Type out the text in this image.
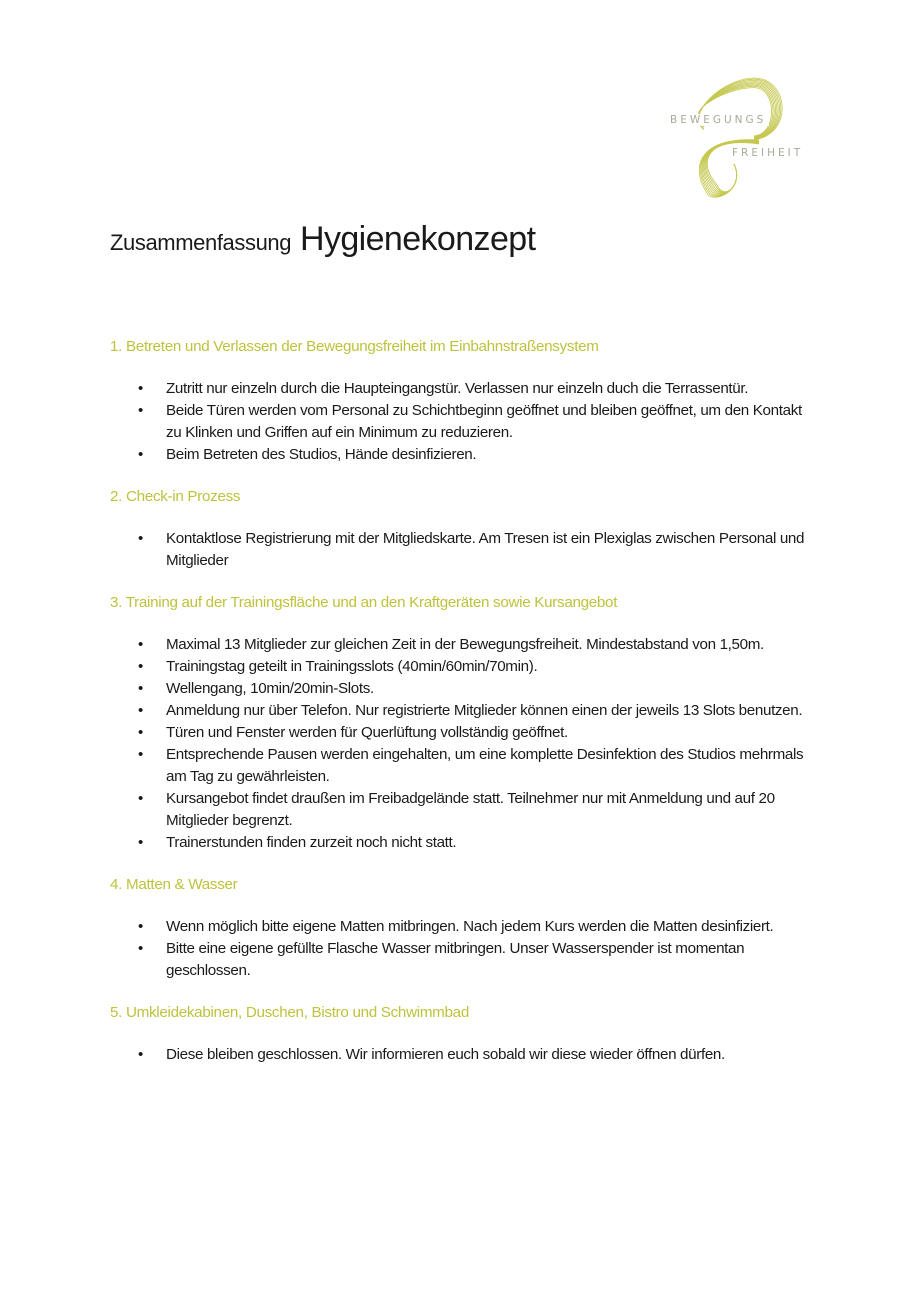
BEWEGUNGS
FREIHEIT
Zusammenfassung Hygienekonzept
1. Betreten und Verlassen der Bewegungsfreiheit im Einbahnstraßensystem
• Zutritt nur einzeln durch die Haupteingangstür. Verlassen nur einzeln duch die Terrassentür.
• Beide Türen werden vom Personal zu Schichtbeginn geöffnet und bleiben geöffnet, um den Kontakt zu Klinken und Griffen auf ein Minimum zu reduzieren.
• Beim Betreten des Studios, Hände desinfizieren.
2. Check-in Prozess
• Kontaktlose Registrierung mit der Mitgliedskarte. Am Tresen ist ein Plexiglas zwischen Personal und Mitglieder
3. Training auf der Trainingsfläche und an den Kraftgeräten sowie Kursangebot
• Maximal 13 Mitglieder zur gleichen Zeit in der Bewegungsfreiheit. Mindestabstand von 1,50m.
• Trainingstag geteilt in Trainingsslots (40min/60min/70min).
• Wellengang, 10min/20min-Slots.
• Anmeldung nur über Telefon. Nur registrierte Mitglieder können einen der jeweils 13 Slots benutzen.
• Türen und Fenster werden für Querlüftung vollständig geöffnet.
• Entsprechende Pausen werden eingehalten, um eine komplette Desinfektion des Studios mehrmals am Tag zu gewährleisten.
• Kursangebot findet draußen im Freibadgelände statt. Teilnehmer nur mit Anmeldung und auf 20 Mitglieder begrenzt.
• Trainerstunden finden zurzeit noch nicht statt.
4. Matten & Wasser
• Wenn möglich bitte eigene Matten mitbringen. Nach jedem Kurs werden die Matten desinfiziert.
• Bitte eine eigene gefüllte Flasche Wasser mitbringen. Unser Wasserspender ist momentan geschlossen.
5. Umkleidekabinen, Duschen, Bistro und Schwimmbad
• Diese bleiben geschlossen. Wir informieren euch sobald wir diese wieder öffnen dürfen.
